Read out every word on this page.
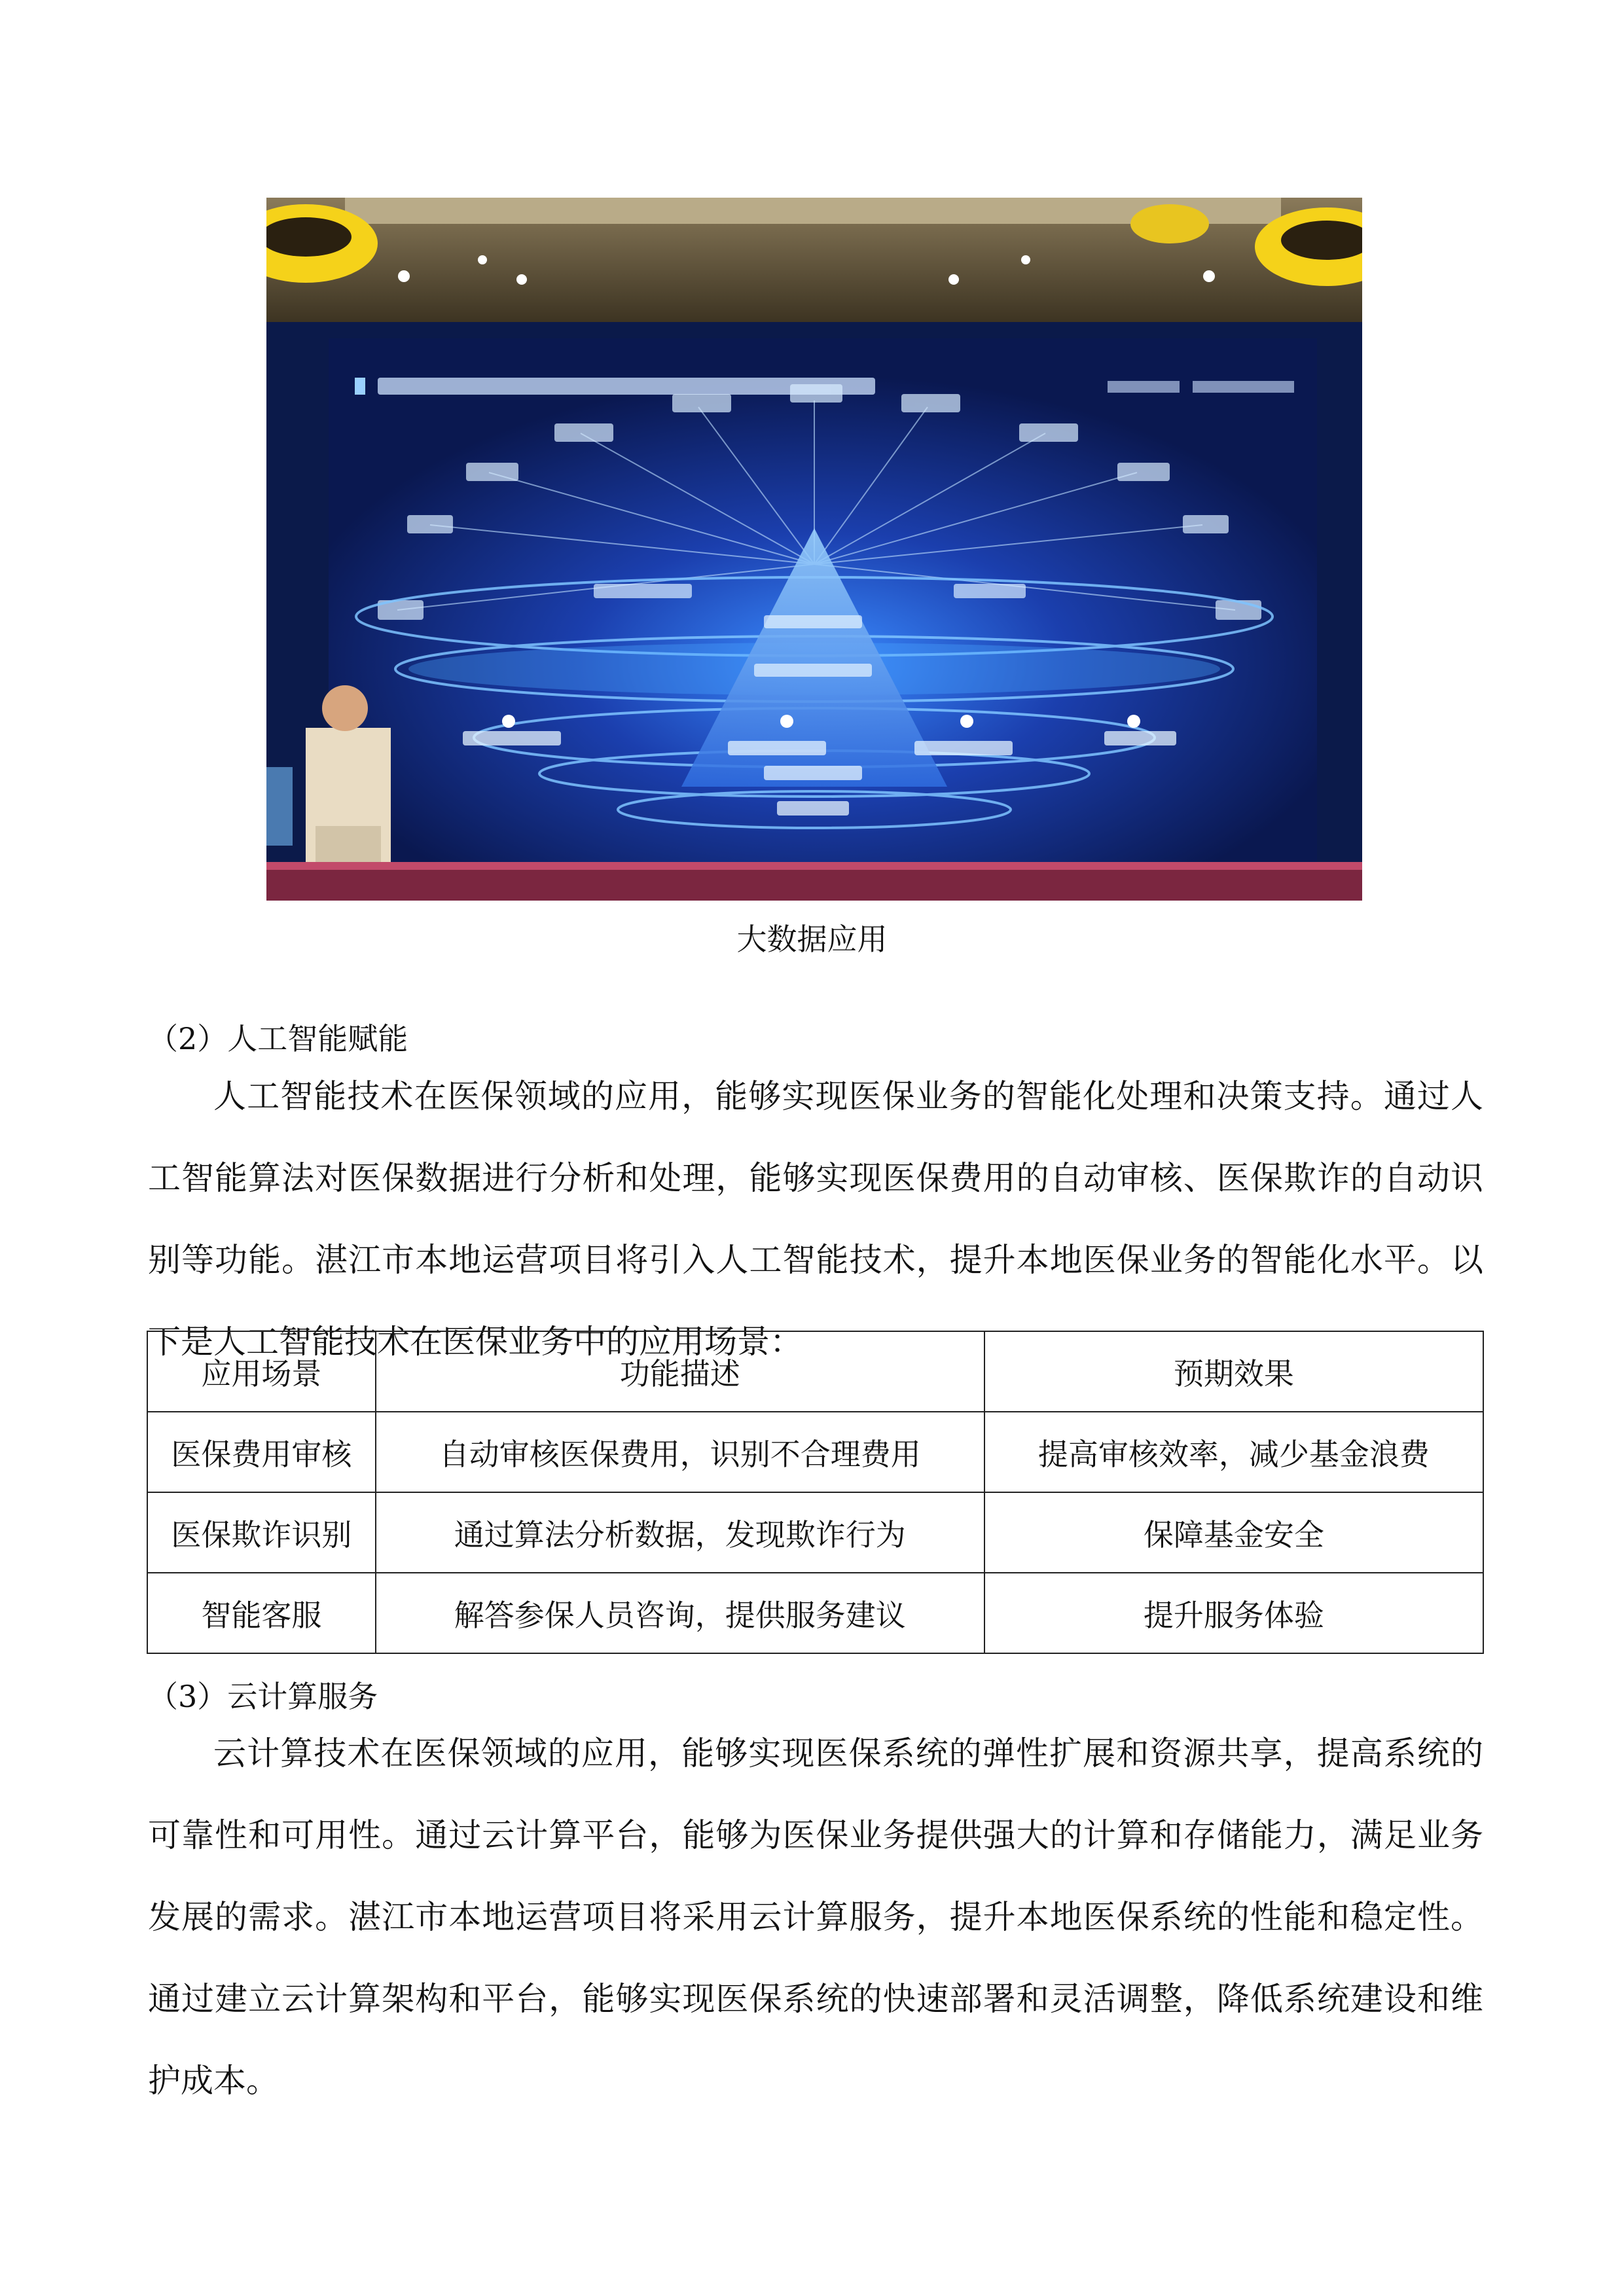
大数据应用
（2）人工智能赋能

人工智能技术在医保领域的应用，能够实现医保业务的智能化处理和决策支持。通过人工智能算法对医保数据进行分析和处理，能够实现医保费用的自动审核、医保欺诈的自动识别等功能。湛江市本地运营项目将引入人工智能技术，提升本地医保业务的智能化水平。以下是人工智能技术在医保业务中的应用场景：

应用场景	功能描述	预期效果
医保费用审核	自动审核医保费用，识别不合理费用	提高审核效率，减少基金浪费
医保欺诈识别	通过算法分析数据，发现欺诈行为	保障基金安全
智能客服	解答参保人员咨询，提供服务建议	提升服务体验
（3）云计算服务

云计算技术在医保领域的应用，能够实现医保系统的弹性扩展和资源共享，提高系统的可靠性和可用性。通过云计算平台，能够为医保业务提供强大的计算和存储能力，满足业务发展的需求。湛江市本地运营项目将采用云计算服务，提升本地医保系统的性能和稳定性。通过建立云计算架构和平台，能够实现医保系统的快速部署和灵活调整，降低系统建设和维护成本。
